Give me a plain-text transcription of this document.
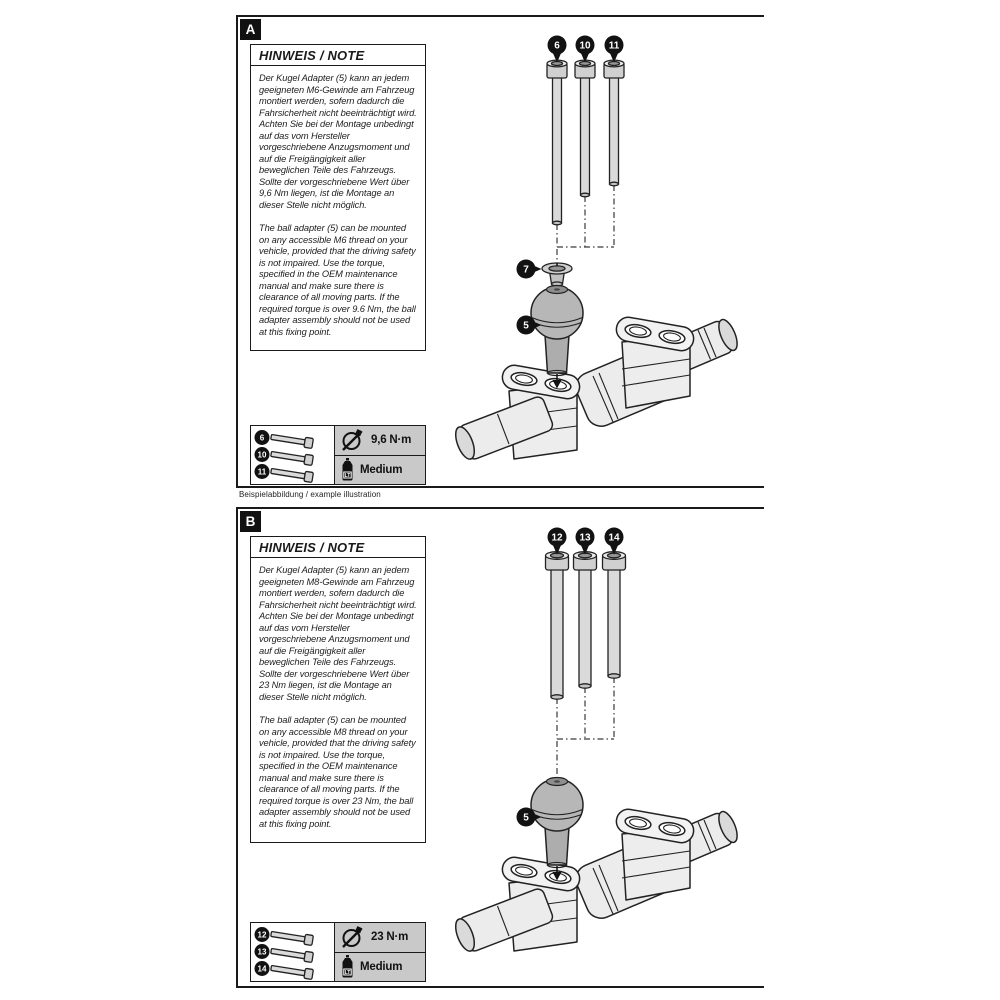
A
6 10 11
7
5
HINWEIS / NOTE

Der Kugel Adapter (5) kann an jedem geeigneten M6-Gewinde am Fahrzeug montiert werden, sofern dadurch die Fahrsicherheit nicht beeinträchtigt wird. Achten Sie bei der Montage unbedingt auf das vom Hersteller vorgeschriebene Anzugsmoment und auf die Freigängigkeit aller beweglichen Teile des Fahrzeugs. Sollte der vorgeschriebene Wert über 9,6 Nm liegen, ist die Montage an dieser Stelle nicht möglich.

The ball adapter (5) can be mounted on any accessible M6 thread on your vehicle, provided that the driving safety is not impaired. Use the torque, specified in the OEM maintenance manual and make sure there is clearance of all moving parts. If the required torque is over 9.6 Nm, the ball adapter assembly should not be used at this fixing point.

6
10
11
9,6 N·m
LT
Medium
Beispielabbildung / example illustration
B
12 13 14
5
HINWEIS / NOTE

Der Kugel Adapter (5) kann an jedem geeigneten M8-Gewinde am Fahrzeug montiert werden, sofern dadurch die Fahrsicherheit nicht beeinträchtigt wird. Achten Sie bei der Montage unbedingt auf das vom Hersteller vorgeschriebene Anzugsmoment und auf die Freigängigkeit aller beweglichen Teile des Fahrzeugs. Sollte der vorgeschriebene Wert über 23 Nm liegen, ist die Montage an dieser Stelle nicht möglich.

The ball adapter (5) can be mounted on any accessible M8 thread on your vehicle, provided that the driving safety is not impaired. Use the torque, specified in the OEM maintenance manual and make sure there is clearance of all moving parts. If the required torque is over 23 Nm, the ball adapter assembly should not be used at this fixing point.

12
13
14
23 N·m
LT
Medium
